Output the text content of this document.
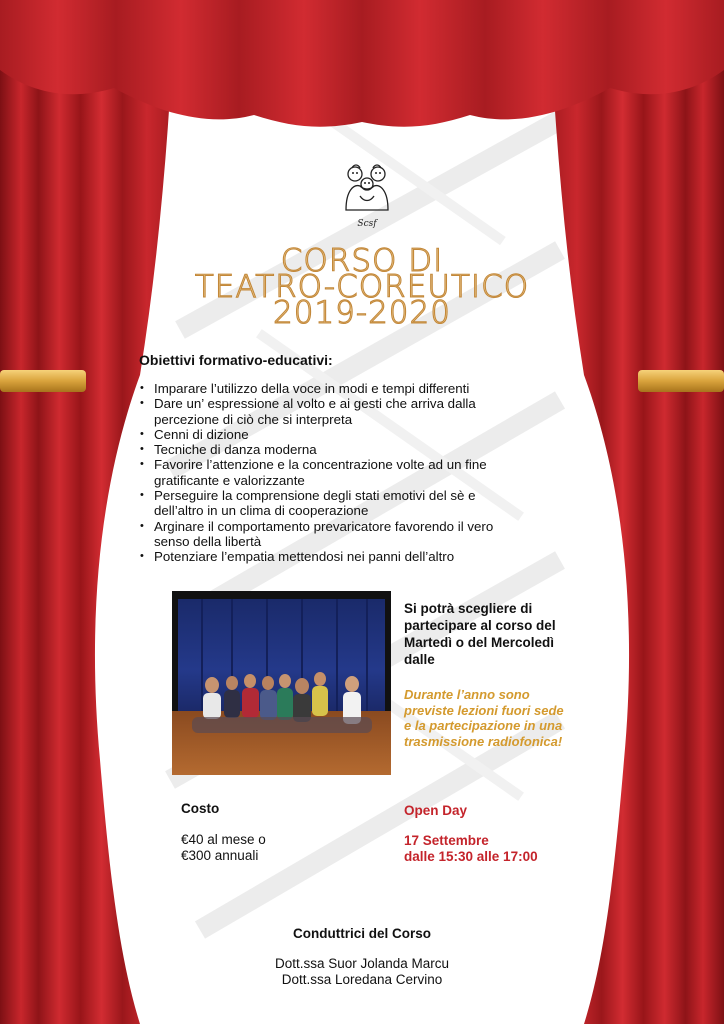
Scsf
CORSO DI
TEATRO-COREUTICO
2019-2020
Obiettivi formativo-educativi:
• Imparare l’utilizzo della voce in modi e tempi differenti
• Dare un’ espressione al volto e ai gesti che arriva dalla percezione di ciò che si interpreta
• Cenni di dizione
• Tecniche di danza moderna
• Favorire l’attenzione e la concentrazione volte ad un fine gratificante e valorizzante
• Perseguire la comprensione degli stati emotivi del sè e dell’altro in un clima di cooperazione
• Arginare il comportamento prevaricatore favorendo il vero senso della libertà
• Potenziare l’empatia mettendosi nei panni dell’altro
Si potrà scegliere di partecipare al corso del Martedì o del Mercoledì dalle
Durante l’anno sono previste lezioni fuori sede e la partecipazione in una trasmissione radiofonica!
Costo
€40 al mese o
€300 annuali
Open Day
17 Settembre
dalle 15:30 alle 17:00
Conduttrici del Corso
Dott.ssa Suor Jolanda Marcu
Dott.ssa Loredana Cervino
